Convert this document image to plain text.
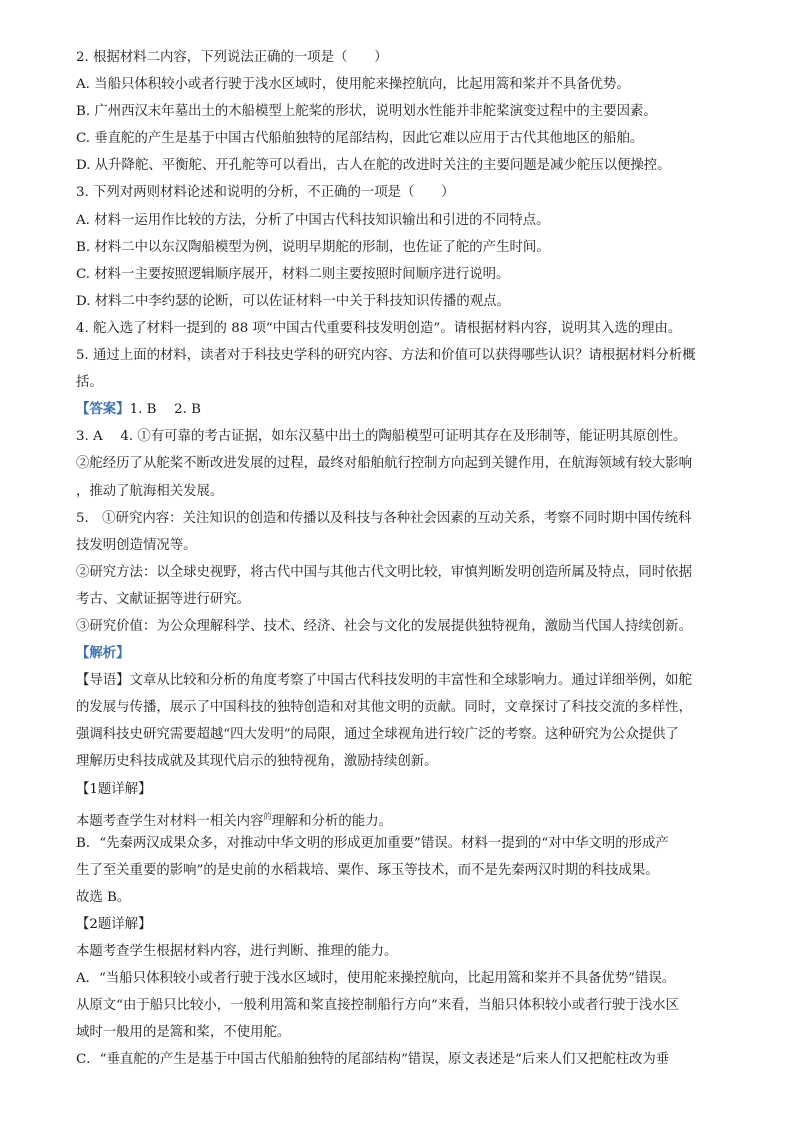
2. 根据材料二内容，下列说法正确的一项是（　　）
A. 当船只体积较小或者行驶于浅水区域时，使用舵来操控航向，比起用篙和桨并不具备优势。
B. 广州西汉末年墓出土的木船模型上舵桨的形状，说明划水性能并非舵桨演变过程中的主要因素。
C. 垂直舵的产生是基于中国古代船舶独特的尾部结构，因此它难以应用于古代其他地区的船舶。
D. 从升降舵、平衡舵、开孔舵等可以看出，古人在舵的改进时关注的主要问题是减少舵压以便操控。
3. 下列对两则材料论述和说明的分析，不正确的一项是（　　）
A. 材料一运用作比较的方法，分析了中国古代科技知识输出和引进的不同特点。
B. 材料二中以东汉陶船模型为例，说明早期舵的形制，也佐证了舵的产生时间。
C. 材料一主要按照逻辑顺序展开，材料二则主要按照时间顺序进行说明。
D. 材料二中李约瑟的论断，可以佐证材料一中关于科技知识传播的观点。
4. 舵入选了材料一提到的 88 项“中国古代重要科技发明创造”。请根据材料内容，说明其入选的理由。
5. 通过上面的材料，读者对于科技史学科的研究内容、方法和价值可以获得哪些认识？请根据材料分析概
括。
【答案】1. B　 2. B
3. A　 4. ①有可靠的考古证据，如东汉墓中出土的陶船模型可证明其存在及形制等，能证明其原创性。
②舵经历了从舵桨不断改进发展的过程，最终对船舶航行控制方向起到关键作用，在航海领域有较大影响
，推动了航海相关发展。
5.　①研究内容：关注知识的创造和传播以及科技与各种社会因素的互动关系，考察不同时期中国传统科
技发明创造情况等。
②研究方法：以全球史视野，将古代中国与其他古代文明比较，审慎判断发明创造所属及特点，同时依据
考古、文献证据等进行研究。
③研究价值：为公众理解科学、技术、经济、社会与文化的发展提供独特视角，激励当代国人持续创新。
【解析】
【导语】文章从比较和分析的角度考察了中国古代科技发明的丰富性和全球影响力。通过详细举例，如舵
的发展与传播，展示了中国科技的独特创造和对其他文明的贡献。同时，文章探讨了科技交流的多样性，
强调科技史研究需要超越“四大发明”的局限，通过全球视角进行较广泛的考察。这种研究为公众提供了
理解历史科技成就及其现代启示的独特视角，激励持续创新。
【1题详解】
本题考查学生对材料一相关内容$^的$理解和分析的能力。
B．“先秦两汉成果众多，对推动中华文明的形成更加重要”错误。材料一提到的“对中华文明的形成产
生了至关重要的影响”的是史前的水稻栽培、粟作、琢玉等技术，而不是先秦两汉时期的科技成果。
故选 B。
【2题详解】
本题考查学生根据材料内容，进行判断、推理的能力。
A．“当船只体积较小或者行驶于浅水区域时，使用舵来操控航向，比起用篙和桨并不具备优势”错误。
从原文“由于船只比较小，一般利用篙和桨直接控制船行方向”来看，当船只体积较小或者行驶于浅水区
域时一般用的是篙和桨，不使用舵。
C．“垂直舵的产生是基于中国古代船舶独特的尾部结构”错误，原文表述是“后来人们又把舵柱改为垂
